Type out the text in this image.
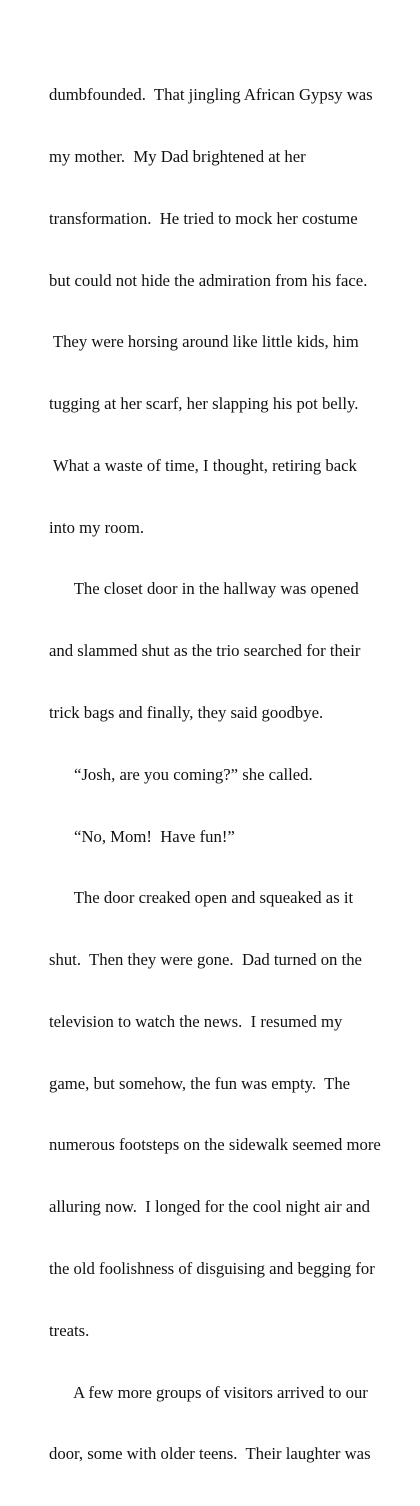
dumbfounded.  That jingling African Gypsy was

my mother.  My Dad brightened at her

transformation.  He tried to mock her costume

but could not hide the admiration from his face.

They were horsing around like little kids, him

tugging at her scarf, her slapping his pot belly.

What a waste of time, I thought, retiring back

into my room.

The closet door in the hallway was opened

and slammed shut as the trio searched for their

trick bags and finally, they said goodbye.

“Josh, are you coming?” she called.

“No, Mom!  Have fun!”

The door creaked open and squeaked as it

shut.  Then they were gone.  Dad turned on the

television to watch the news.  I resumed my

game, but somehow, the fun was empty.  The

numerous footsteps on the sidewalk seemed more

alluring now.  I longed for the cool night air and

the old foolishness of disguising and begging for

treats.

A few more groups of visitors arrived to our

door, some with older teens.  Their laughter was
